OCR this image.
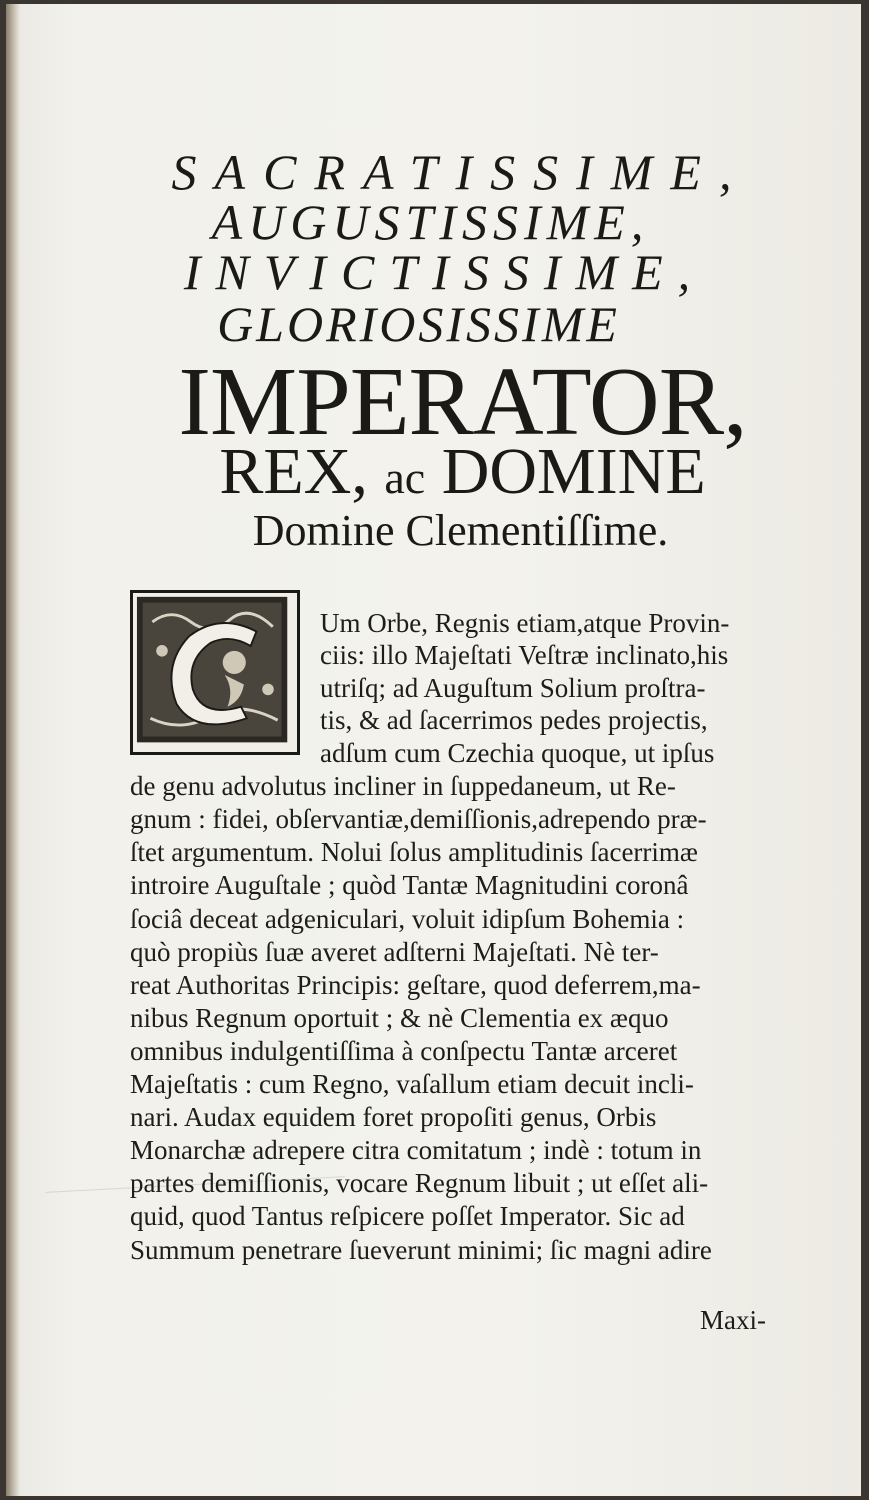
SACRATISSIME,
AUGUSTISSIME,
INVICTISSIME,
GLORIOSISSIME
IMPERATOR,
REX, ac DOMINE
Domine Clementiſſime.
Um Orbe, Regnis etiam,atque Provin-
ciis: illo Majeſtati Veſtræ inclinato,his
utriſq; ad Auguſtum Solium proſtra-
tis, & ad ſacerrimos pedes projectis,
adſum cum Czechia quoque, ut ipſus
de genu advolutus incliner in ſuppedaneum, ut Re-
gnum : fidei, obſervantiæ,demiſſionis,adrependo præ-
ſtet argumentum. Nolui ſolus amplitudinis ſacerrimæ
introire Auguſtale ; quòd Tantæ Magnitudini coronâ
ſociâ deceat adgeniculari, voluit idipſum Bohemia :
quò propiùs ſuæ averet adſterni Majeſtati. Nè ter-
reat Authoritas Principis: geſtare, quod deferrem,ma-
nibus Regnum oportuit ; & nè Clementia ex æquo
omnibus indulgentiſſima à conſpectu Tantæ arceret
Majeſtatis : cum Regno, vaſallum etiam decuit incli-
nari. Audax equidem foret propoſiti genus, Orbis
Monarchæ adrepere citra comitatum ; indè : totum in
partes demiſſionis, vocare Regnum libuit ; ut eſſet ali-
quid, quod Tantus reſpicere poſſet Imperator. Sic ad
Summum penetrare ſueverunt minimi; ſic magni adire
Maxi-
